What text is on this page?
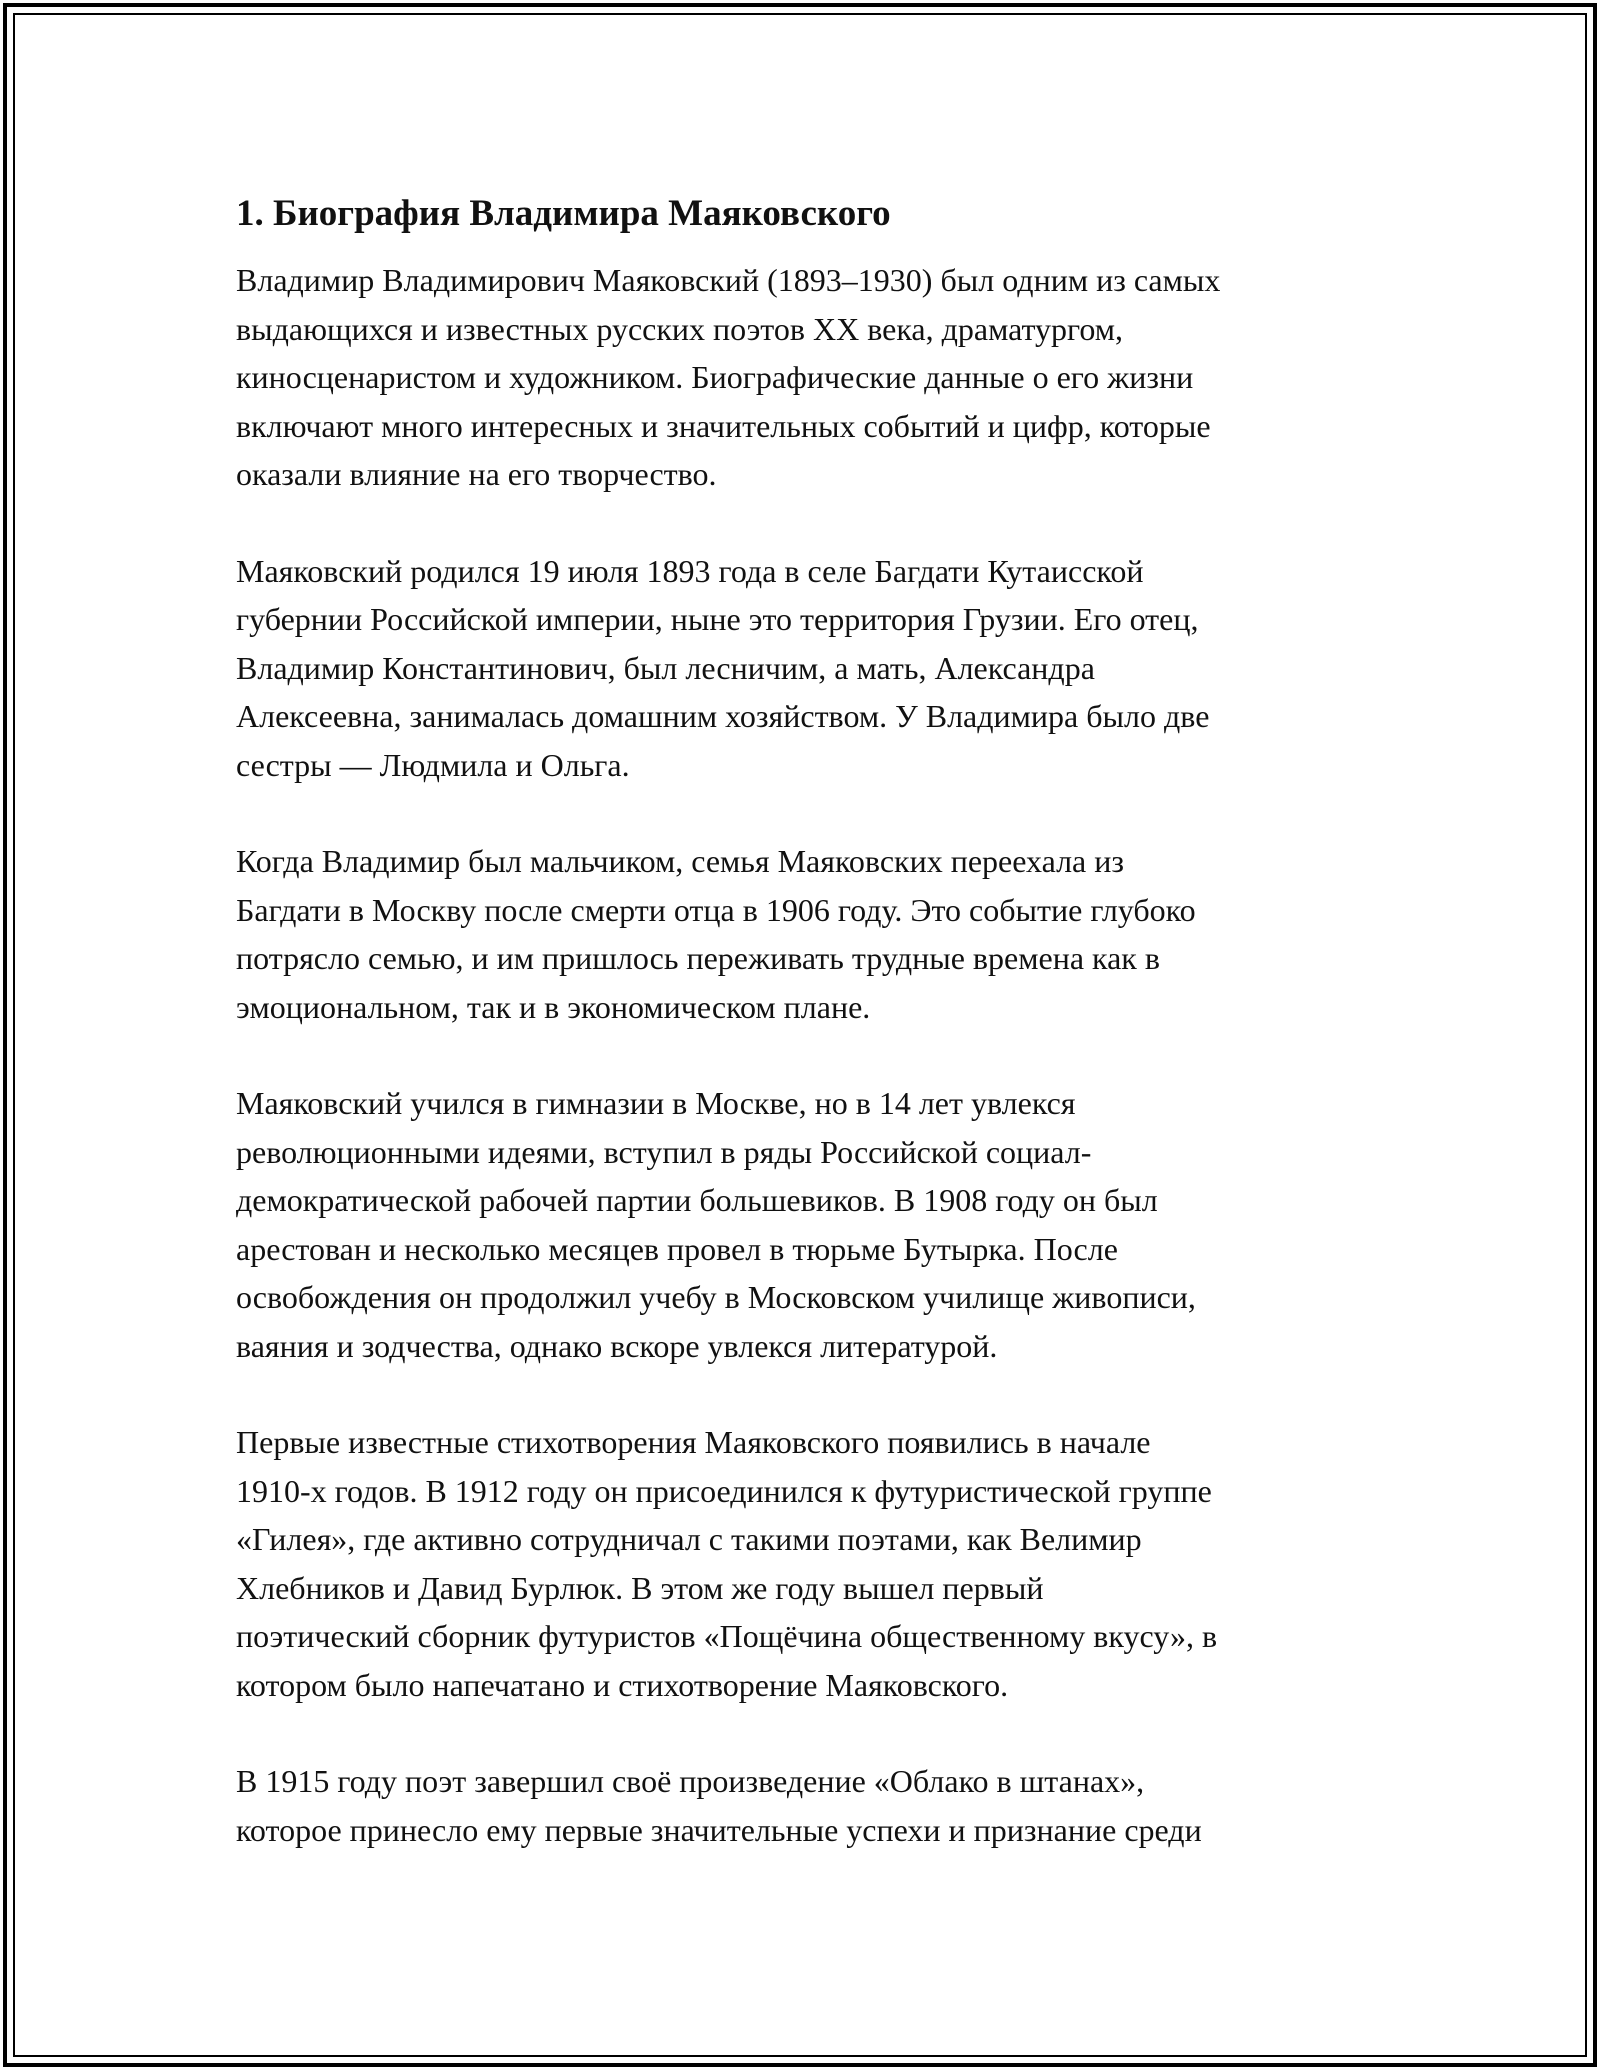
1. Биография Владимира Маяковского

Владимир Владимирович Маяковский (1893–1930) был одним из самых
выдающихся и известных русских поэтов XX века, драматургом,
киносценаристом и художником. Биографические данные о его жизни
включают много интересных и значительных событий и цифр, которые
оказали влияние на его творчество.

Маяковский родился 19 июля 1893 года в селе Багдати Кутаисской
губернии Российской империи, ныне это территория Грузии. Его отец,
Владимир Константинович, был лесничим, а мать, Александра
Алексеевна, занималась домашним хозяйством. У Владимира было две
сестры — Людмила и Ольга.

Когда Владимир был мальчиком, семья Маяковских переехала из
Багдати в Москву после смерти отца в 1906 году. Это событие глубоко
потрясло семью, и им пришлось переживать трудные времена как в
эмоциональном, так и в экономическом плане.

Маяковский учился в гимназии в Москве, но в 14 лет увлекся
революционными идеями, вступил в ряды Российской социал-
демократической рабочей партии большевиков. В 1908 году он был
арестован и несколько месяцев провел в тюрьме Бутырка. После
освобождения он продолжил учебу в Московском училище живописи,
ваяния и зодчества, однако вскоре увлекся литературой.

Первые известные стихотворения Маяковского появились в начале
1910-х годов. В 1912 году он присоединился к футуристической группе
«Гилея», где активно сотрудничал с такими поэтами, как Велимир
Хлебников и Давид Бурлюк. В этом же году вышел первый
поэтический сборник футуристов «Пощёчина общественному вкусу», в
котором было напечатано и стихотворение Маяковского.

В 1915 году поэт завершил своё произведение «Облако в штанах»,
которое принесло ему первые значительные успехи и признание среди
